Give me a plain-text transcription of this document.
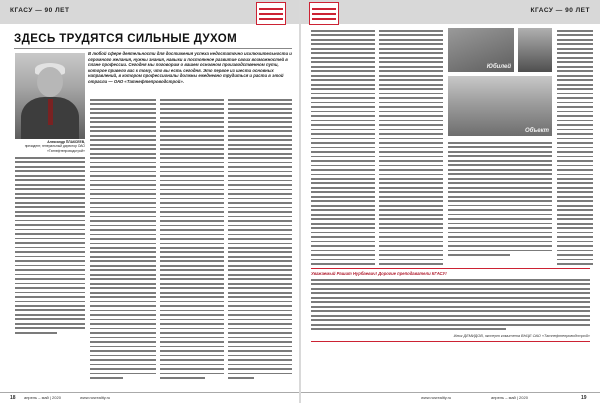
КГАСУ — 90 ЛЕТ
ЗДЕСЬ ТРУДЯТСЯ СИЛЬНЫЕ ДУХОМ

В любой сфере деятельности для достижения успеха недостаточно исключительности и огромного желания, нужны знания, навыки и постоянное развитие своих возможностей в плане профессии. Сегодня мы поговорим о вашем основном производственном пути, которое привело вас к тому, что вы есть сегодня. Это первое из шести основных направлений, в котором профессионалы должны ежедневно трудиться и расти в этой отрасли — ОАО «Татнефтепроводстрой».

Александр ПЛАКСЕЕВ,
президент, генеральный директор ОАО «Татнефтепроводстрой»

18 апрель – май | 2020	www.rusreality.ru
КГАСУ — 90 ЛЕТ
Юбилей
Объект
Уважаемый Рашит Нурбаевич! Дорогие преподаватели КГАСУ!
Илья ДЕМИДОВ, эксперт комитета ВНЦЕ ОАО «Татнефтепроводстрой»
www.rusreality.ru	апрель – май | 2020	19
